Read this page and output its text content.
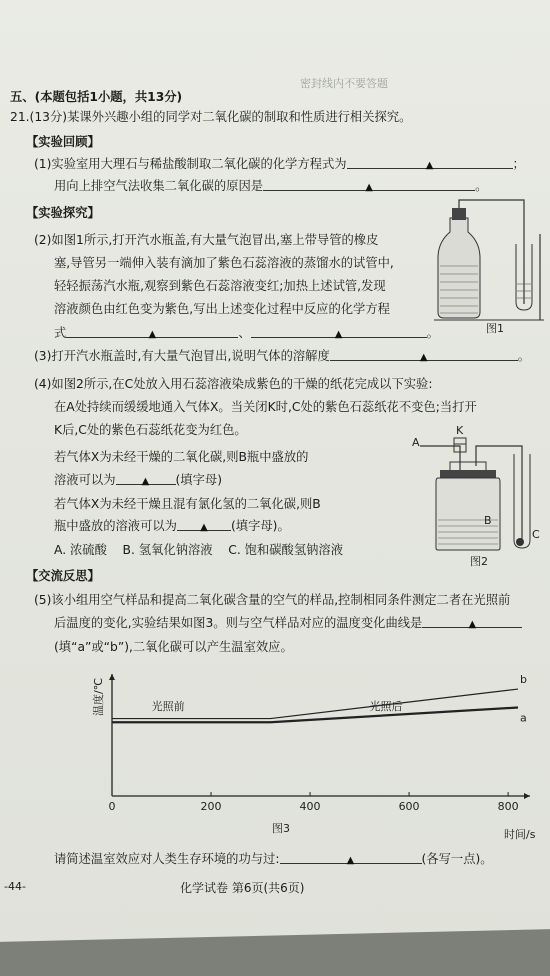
密封线内不要答题
五、(本题包括1小题，共13分)
21.(13分)某课外兴趣小组的同学对二氧化碳的制取和性质进行相关探究。
【实验回顾】
(1)实验室用大理石与稀盐酸制取二氧化碳的化学方程式为	▲	；
用向上排空气法收集二氧化碳的原因是	▲	。
【实验探究】
(2)如图1所示,打开汽水瓶盖,有大量气泡冒出,塞上带导管的橡皮
塞,导管另一端伸入装有滴加了紫色石蕊溶液的蒸馏水的试管中,
轻轻振荡汽水瓶,观察到紫色石蕊溶液变红;加热上述试管,发现
溶液颜色由红色变为紫色,写出上述变化过程中反应的化学方程
式	▲	、	▲	。	图1
(3)打开汽水瓶盖时,有大量气泡冒出,说明气体的溶解度	▲	。
(4)如图2所示,在C处放入用石蕊溶液染成紫色的干燥的纸花完成以下实验:
在A处持续而缓缓地通入气体X。当关闭K时,C处的紫色石蕊纸花不变色;当打开
K后,C处的紫色石蕊纸花变为红色。
若气体X为未经干燥的二氧化碳,则B瓶中盛放的
溶液可以为	▲ (填字母)
若气体X为未经干燥且混有氯化氢的二氧化碳,则B
瓶中盛放的溶液可以为 ▲ (填字母)。
A. 浓硫酸 B. 氢氧化钠溶液 C. 饱和碳酸氢钠溶液
A
K
B
C
图2
【交流反思】
(5)该小组用空气样品和提高二氧化碳含量的空气的样品,控制相同条件测定二者在光照前
后温度的变化,实验结果如图3。则与空气样品对应的温度变化曲线是	▲
(填“a”或“b”),二氧化碳可以产生温室效应。
b
a
800
600
400
200
0
温度/℃
时间/s
光照前	光照后
图3
请简述温室效应对人类生存环境的功与过:	▲	(各写一点)。
-44-	化学试卷 第6页(共6页)
